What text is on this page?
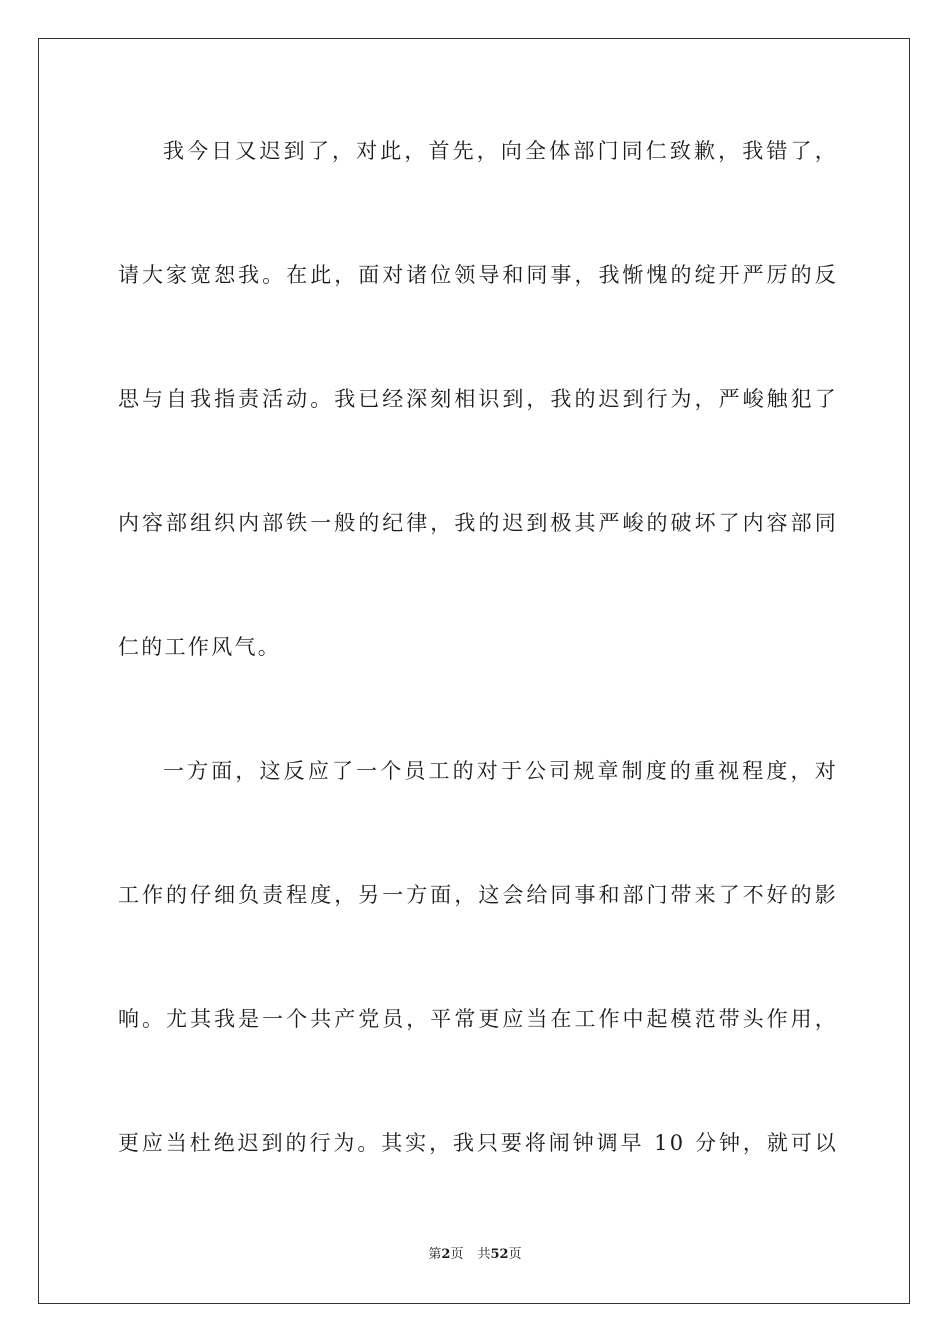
我今日又迟到了，对此，首先，向全体部门同仁致歉，我错了，
请大家宽恕我。在此，面对诸位领导和同事，我惭愧的绽开严厉的反
思与自我指责活动。我已经深刻相识到，我的迟到行为，严峻触犯了
内容部组织内部铁一般的纪律，我的迟到极其严峻的破坏了内容部同
仁的工作风气。
一方面，这反应了一个员工的对于公司规章制度的重视程度，对
工作的仔细负责程度，另一方面，这会给同事和部门带来了不好的影
响。尤其我是一个共产党员，平常更应当在工作中起模范带头作用，
更应当杜绝迟到的行为。其实，我只要将闹钟调早 10 分钟，就可以
第2页 共52页
